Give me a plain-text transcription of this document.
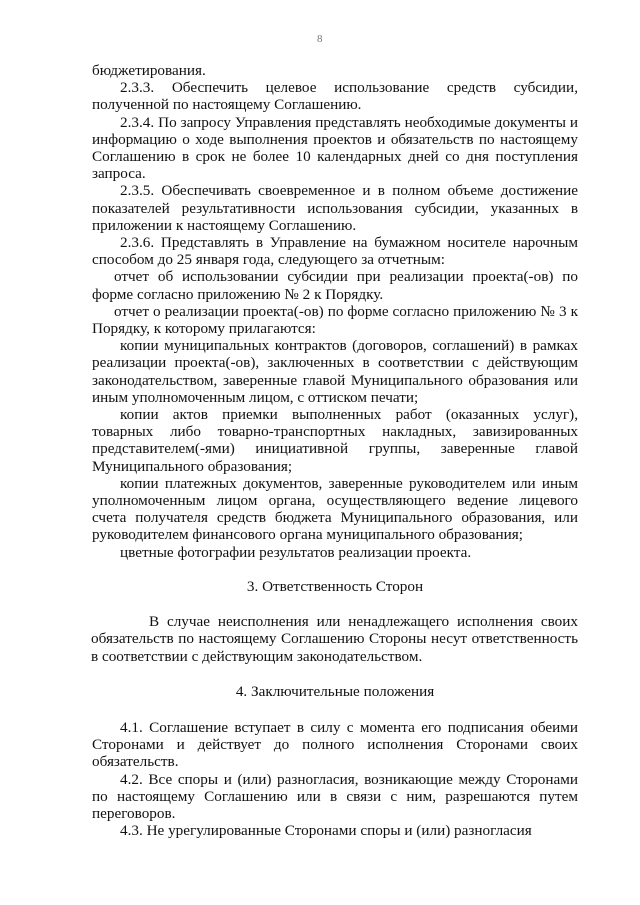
8

бюджетирования.

2.3.3. Обеспечить целевое использование средств субсидии, полученной по настоящему Соглашению.

2.3.4. По запросу Управления представлять необходимые документы и информацию о ходе выполнения проектов и обязательств по настоящему Соглашению в срок не более 10 календарных дней со дня поступления запроса.

2.3.5. Обеспечивать своевременное и в полном объеме достижение показателей результативности использования субсидии, указанных в приложении к настоящему Соглашению.

2.3.6. Представлять в Управление на бумажном носителе нарочным способом до 25 января года, следующего за отчетным:

отчет об использовании субсидии при реализации проекта(-ов) по форме согласно приложению № 2 к Порядку.

отчет о реализации проекта(-ов) по форме согласно приложению № 3 к Порядку, к которому прилагаются:

копии муниципальных контрактов (договоров, соглашений) в рамках реализации проекта(-ов), заключенных в соответствии с действующим законодательством, заверенные главой Муниципального образования или иным уполномоченным лицом, с оттиском печати;

копии актов приемки выполненных работ (оказанных услуг), товарных либо товарно-транспортных накладных, завизированных представителем(-ями) инициативной группы, заверенные главой Муниципального образования;

копии платежных документов, заверенные руководителем или иным уполномоченным лицом органа, осуществляющего ведение лицевого счета получателя средств бюджета Муниципального образования, или руководителем финансового органа муниципального образования;

цветные фотографии результатов реализации проекта.

3. Ответственность Сторон

В случае неисполнения или ненадлежащего исполнения своих обязательств по настоящему Соглашению Стороны несут ответственность в соответствии с действующим законодательством.

4. Заключительные положения

4.1. Соглашение вступает в силу с момента его подписания обеими Сторонами и действует до полного исполнения Сторонами своих обязательств.

4.2. Все споры и (или) разногласия, возникающие между Сторонами по настоящему Соглашению или в связи с ним, разрешаются путем переговоров.

4.3. Не урегулированные Сторонами споры и (или) разногласия
